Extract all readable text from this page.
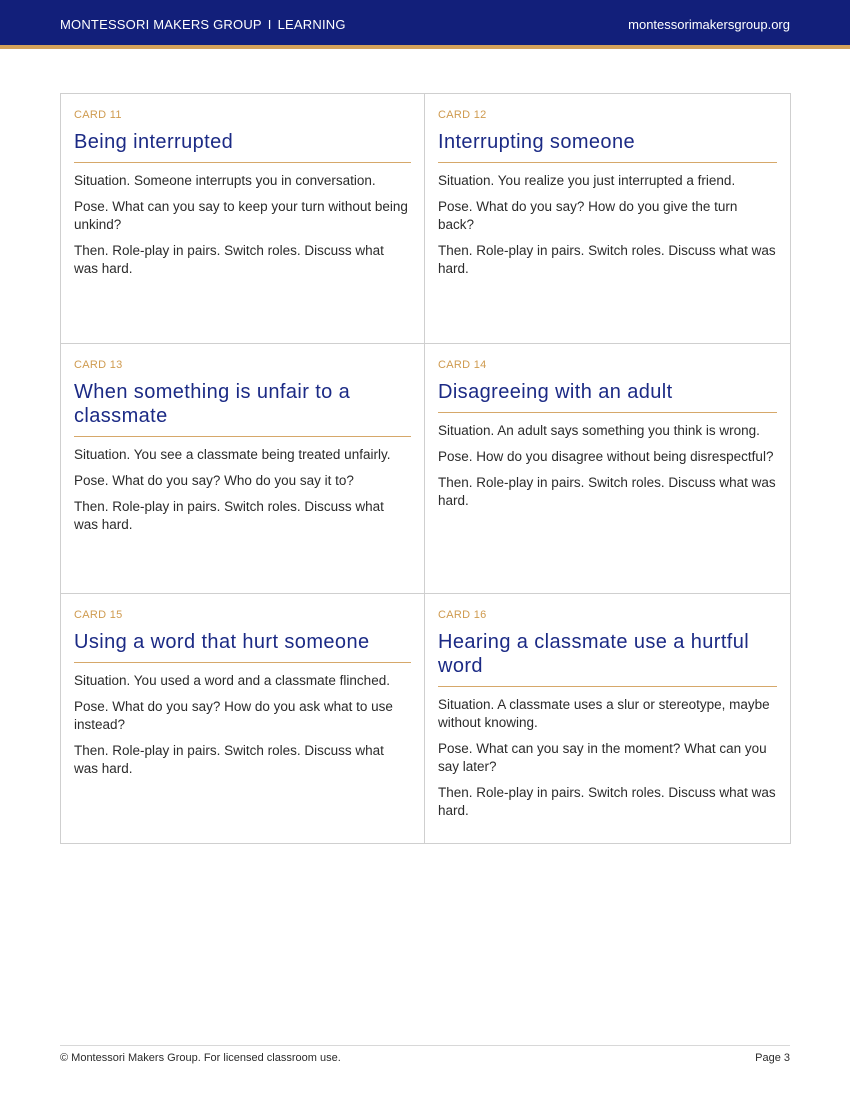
MONTESSORI MAKERS GROUP I LEARNING	montessorimakersgroup.org
CARD 11
Being interrupted

Situation. Someone interrupts you in conversation.

Pose. What can you say to keep your turn without being unkind?

Then. Role-play in pairs. Switch roles. Discuss what was hard.

CARD 12
Interrupting someone

Situation. You realize you just interrupted a friend.

Pose. What do you say? How do you give the turn back?

Then. Role-play in pairs. Switch roles. Discuss what was hard.

CARD 13
When something is unfair to a classmate

Situation. You see a classmate being treated unfairly.

Pose. What do you say? Who do you say it to?

Then. Role-play in pairs. Switch roles. Discuss what was hard.

CARD 14
Disagreeing with an adult

Situation. An adult says something you think is wrong.

Pose. How do you disagree without being disrespectful?

Then. Role-play in pairs. Switch roles. Discuss what was hard.

CARD 15
Using a word that hurt someone

Situation. You used a word and a classmate flinched.

Pose. What do you say? How do you ask what to use instead?

Then. Role-play in pairs. Switch roles. Discuss what was hard.

CARD 16
Hearing a classmate use a hurtful word

Situation. A classmate uses a slur or stereotype, maybe without knowing.

Pose. What can you say in the moment? What can you say later?

Then. Role-play in pairs. Switch roles. Discuss what was hard.

© Montessori Makers Group. For licensed classroom use.	Page 3
